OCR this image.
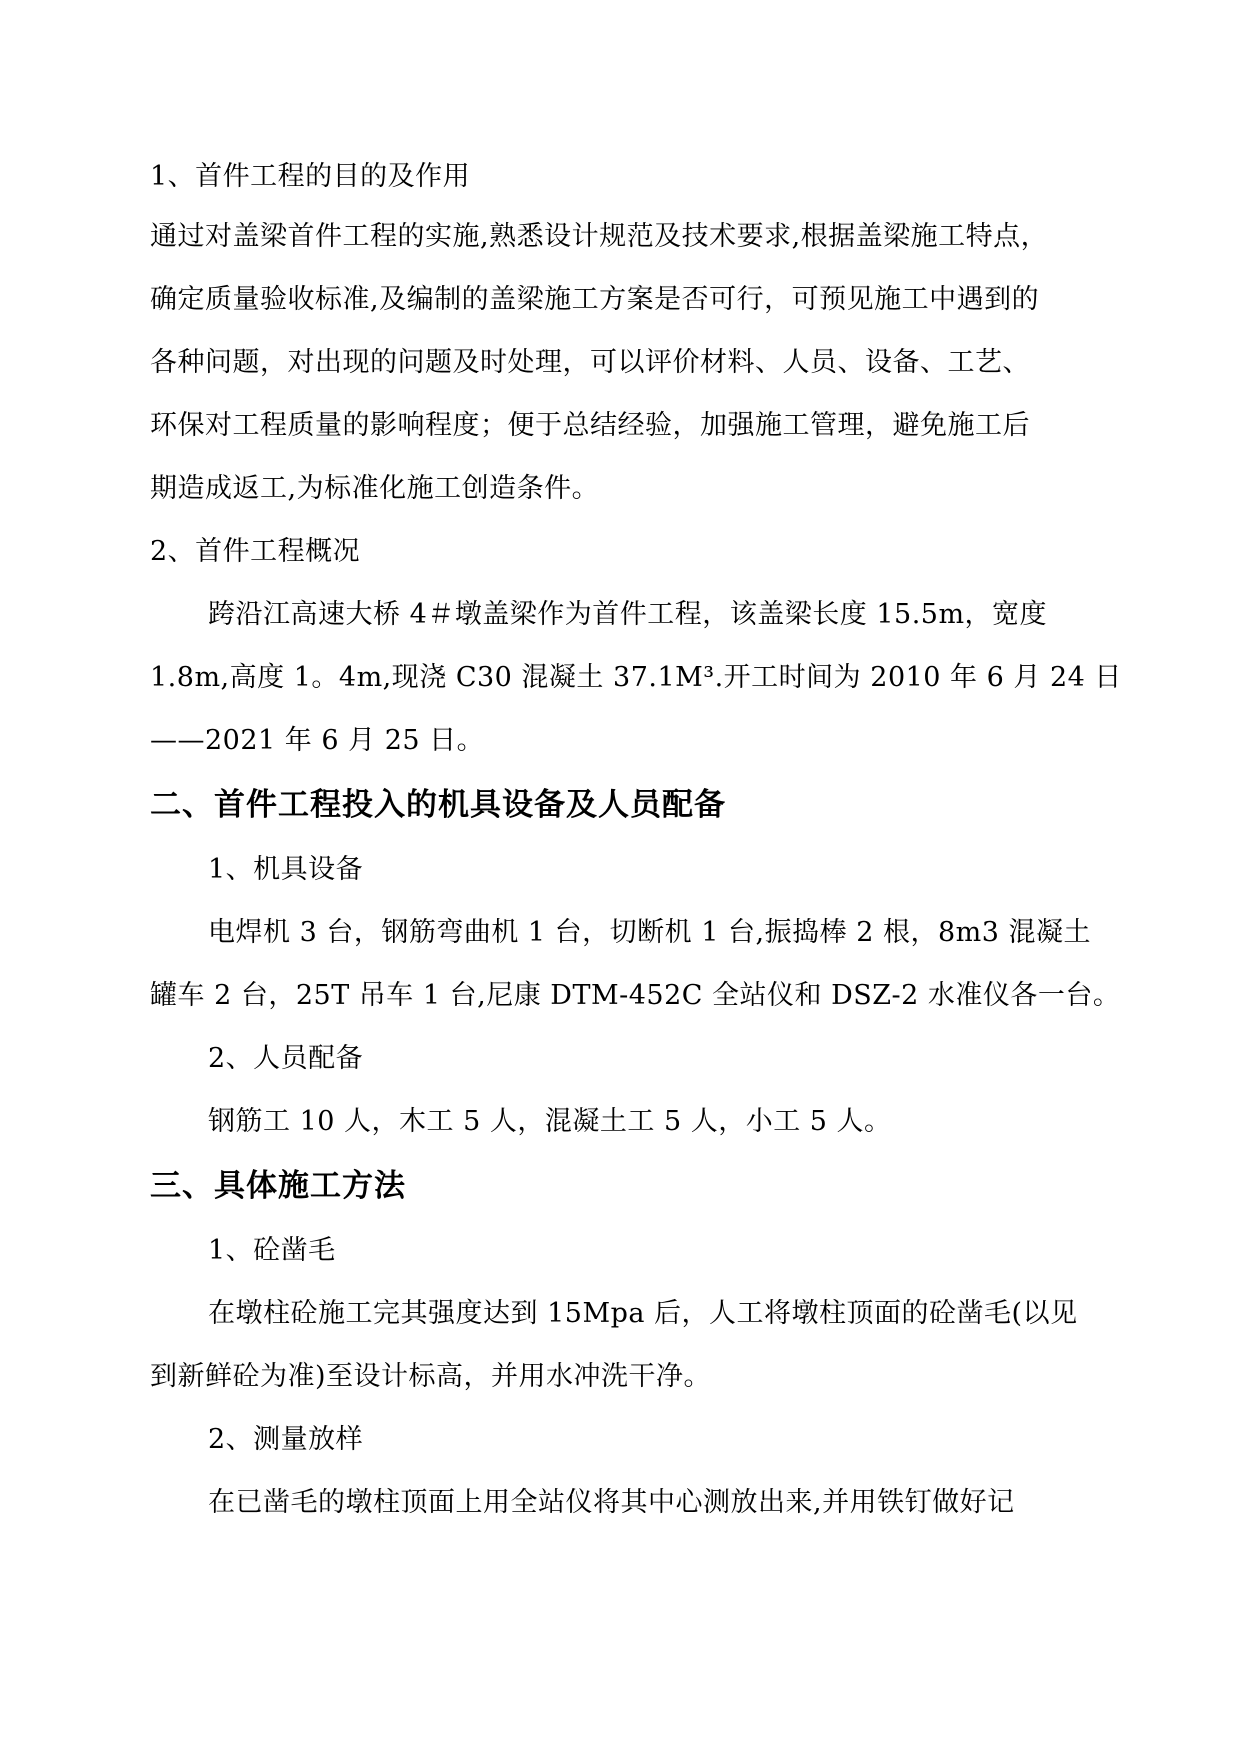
1、首件工程的目的及作用
通过对盖梁首件工程的实施,熟悉设计规范及技术要求,根据盖梁施工特点，
确定质量验收标准,及编制的盖梁施工方案是否可行，可预见施工中遇到的
各种问题，对出现的问题及时处理，可以评价材料、人员、设备、工艺、
环保对工程质量的影响程度；便于总结经验，加强施工管理，避免施工后
期造成返工,为标准化施工创造条件。
2、首件工程概况
跨沿江高速大桥 4＃墩盖梁作为首件工程，该盖梁长度 15.5m，宽度
1.8m,高度 1。4m,现浇 C30 混凝土 37.1M³.开工时间为 2010 年 6 月 24 日
——2021 年 6 月 25 日。
二、首件工程投入的机具设备及人员配备
1、机具设备
电焊机 3 台，钢筋弯曲机 1 台，切断机 1 台,振捣棒 2 根，8m3 混凝土
罐车 2 台，25T 吊车 1 台,尼康 DTM-452C 全站仪和 DSZ-2 水准仪各一台。
2、人员配备
钢筋工 10 人，木工 5 人，混凝土工 5 人，小工 5 人。
三、具体施工方法
1、砼凿毛
在墩柱砼施工完其强度达到 15Mpa 后，人工将墩柱顶面的砼凿毛(以见
到新鲜砼为准)至设计标高，并用水冲洗干净。
2、测量放样
在已凿毛的墩柱顶面上用全站仪将其中心测放出来,并用铁钉做好记
